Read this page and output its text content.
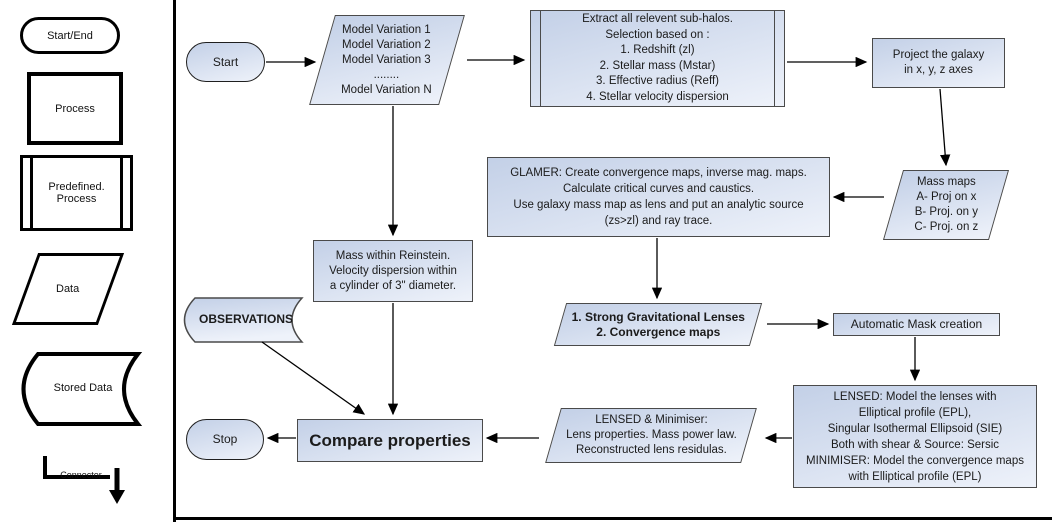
Start/End
Process
Predefined.
Process
Data
Stored Data
Connector
Start
Model Variation 1
Model Variation 2
Model Variation 3
........
Model Variation N
Extract all relevent sub-halos.
Selection based on :
1. Redshift (zl)
2. Stellar mass (Mstar)
3. Effective radius (Reff)
4. Stellar velocity dispersion
Project the galaxy
in x, y, z axes
Mass maps
A- Proj on x
B- Proj. on y
C- Proj. on z
GLAMER: Create convergence maps, inverse mag. maps.
Calculate critical curves and caustics.
Use galaxy mass map as lens and put an analytic source
(zs>zl) and ray trace.
Mass within Reinstein.
Velocity dispersion within
a cylinder of 3" diameter.
OBSERVATIONS	1. Strong Gravitational Lenses
2. Convergence maps
Automatic Mask creation
LENSED: Model the lenses with
Elliptical profile (EPL),
Singular Isothermal Ellipsoid (SIE)
Both with shear & Source: Sersic
MINIMISER: Model the convergence maps
with Elliptical profile (EPL)
LENSED & Minimiser:
Lens properties. Mass power law.
Reconstructed lens residulas.
Compare properties
Stop
